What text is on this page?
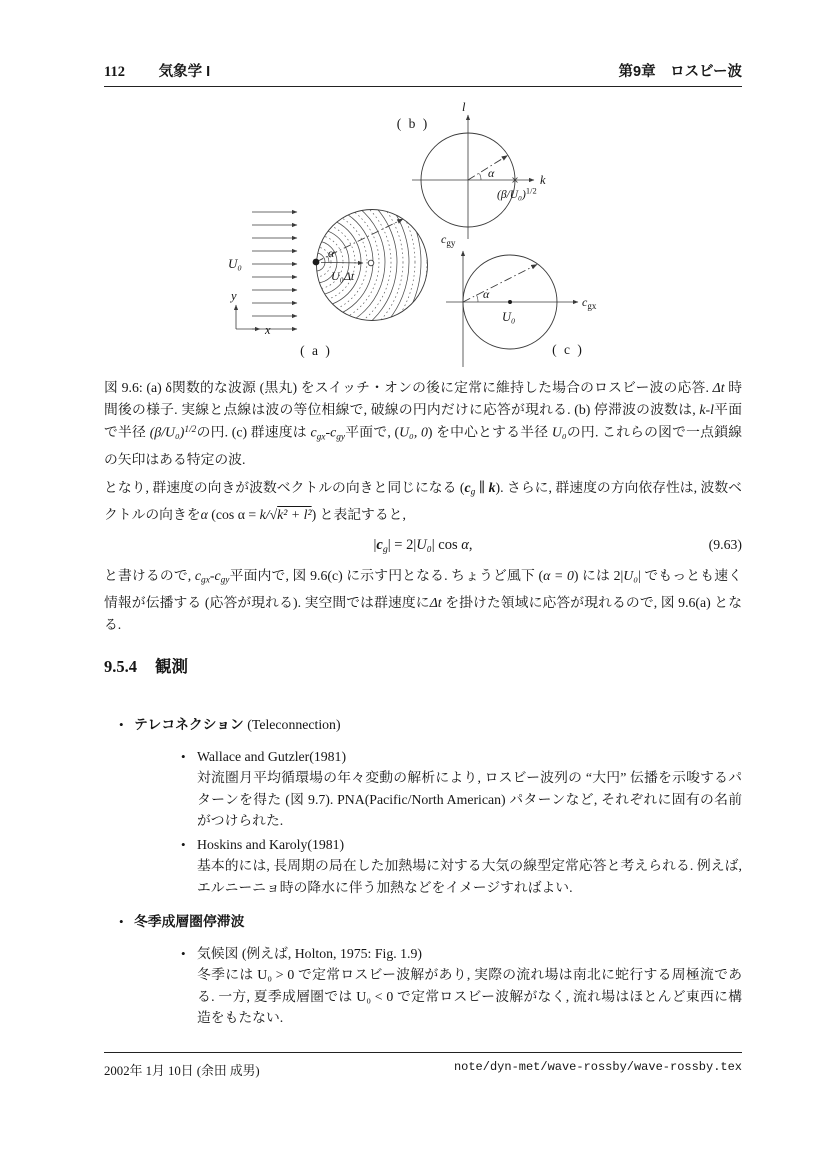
112 気象学 I	第9章　ロスビー波
U₀
U₀Δt
α
y
x
( a )
l
k
α
$(\beta/U_0)^{1/2}$
( b )
$c_{gy}$
$c_{gx}$
U₀
α
( c )
図 9.6: (a) δ関数的な波源 (黒丸) をスイッチ・オンの後に定常に維持した場合のロスビー波の応答. Δt 時間後の様子. 実線と点線は波の等位相線で, 破線の円内だけに応答が現れる. (b) 停滞波の波数は, k-l平面で半径 $(\beta/U_0)^{1/2}$の円. (c) 群速度は $c_{gx}-c_{gy}$平面で, (U₀, 0) を中心とする半径 U₀の円. これらの図で一点鎖線の矢印はある特定の波.
となり, 群速度の向きが波数ベクトルの向きと同じになる ($c_g$ ∥ k). さらに, 群速度の方向依存性は, 波数ベクトルの向きをα (cos α = k/√k² + l²) と表記すると,
$|c_g| = 2|U_0|$ cos α,	(9.63)
と書けるので, $c_{gx}-c_{gy}$平面内で, 図 9.6(c) に示す円となる. ちょうど風下 (α = 0) には 2|U₀| でもっとも速く情報が伝播する (応答が現れる). 実空間では群速度にΔt を掛けた領域に応答が現れるので, 図 9.6(a) となる.
9.5.4 観測
• テレコネクション (Teleconnection)
• Wallace and Gutzler(1981)
対流圏月平均循環場の年々変動の解析により, ロスビー波列の “大円” 伝播を示唆するパターンを得た (図 9.7). PNA(Pacific/North American) パターンなど, それぞれに固有の名前がつけられた.
• Hoskins and Karoly(1981)
基本的には, 長周期の局在した加熱場に対する大気の線型定常応答と考えられる. 例えば, エルニーニョ時の降水に伴う加熱などをイメージすればよい.
• 冬季成層圏停滞波
• 気候図 (例えば, Holton, 1975: Fig. 1.9)
冬季には U₀ > 0 で定常ロスビー波解があり, 実際の流れ場は南北に蛇行する周極流である. 一方, 夏季成層圏では U₀ < 0 で定常ロスビー波解がなく, 流れ場はほとんど東西に構造をもたない.
2002年 1月 10日 (余田 成男)	note/dyn-met/wave-rossby/wave-rossby.tex
